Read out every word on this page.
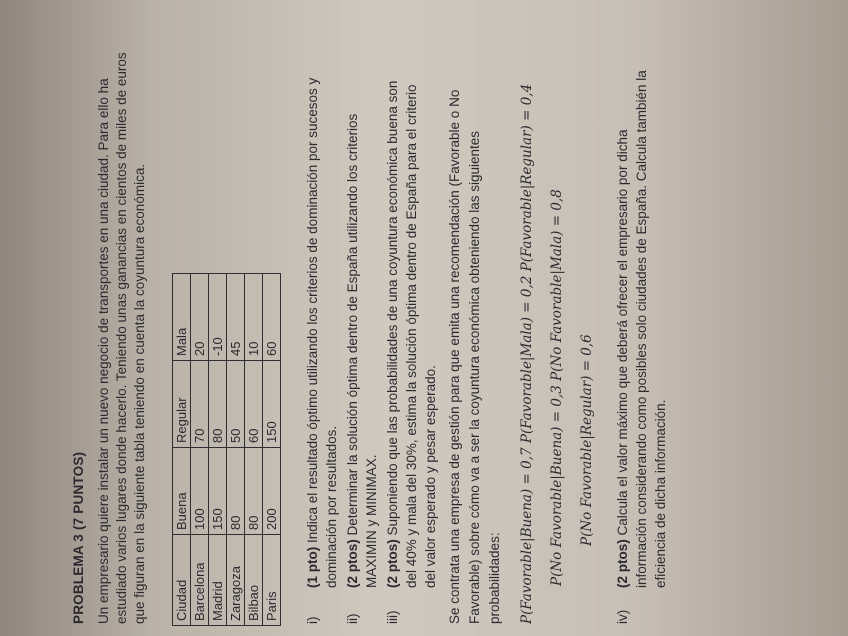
PROBLEMA 3 (7 PUNTOS) Un empresario quiere instalar un nuevo negocio de transportes en una ciudad. Para ello ha estudiado varios lugares donde hacerlo. Teniendo unas ganancias en cientos de miles de euros que figuran en la siguiente tabla teniendo en cuenta la coyuntura económica. Ciudad	Buena	Regular	Mala
Barcelona	100	70	20
Madrid	150	80	-10
Zaragoza	80	50	45
Bilbao	80	60	10
Paris	200	150	60
i)
(1 pto) Indica el resultado óptimo utilizando los criterios de dominación por sucesos y dominación por resultados.
ii)
(2 ptos) Determinar la solución óptima dentro de España utilizando los criterios MAXIMIN y MINIMAX.
iii)
(2 ptos) Suponiendo que las probabilidades de una coyuntura económica buena son del 40% y mala del 30%, estima la solución óptima dentro de España para el criterio del valor esperado y pesar esperado. Se contrata una empresa de gestión para que emita una recomendación (Favorable o No Favorable) sobre cómo va a ser la coyuntura económica obteniendo las siguientes probabilidades: P(Favorable|Buena) = 0,7 P(Favorable|Mala) = 0,2 P(Favorable|Regular) = 0,4 P(No Favorable|Buena) = 0,3 P(No Favorable|Mala) = 0,8 P(No Favorable|Regular) = 0,6
iv)
(2 ptos) Calcula el valor máximo que deberá ofrecer el empresario por dicha información considerando como posibles solo ciudades de España. Calcula también la eficiencia de dicha información.
